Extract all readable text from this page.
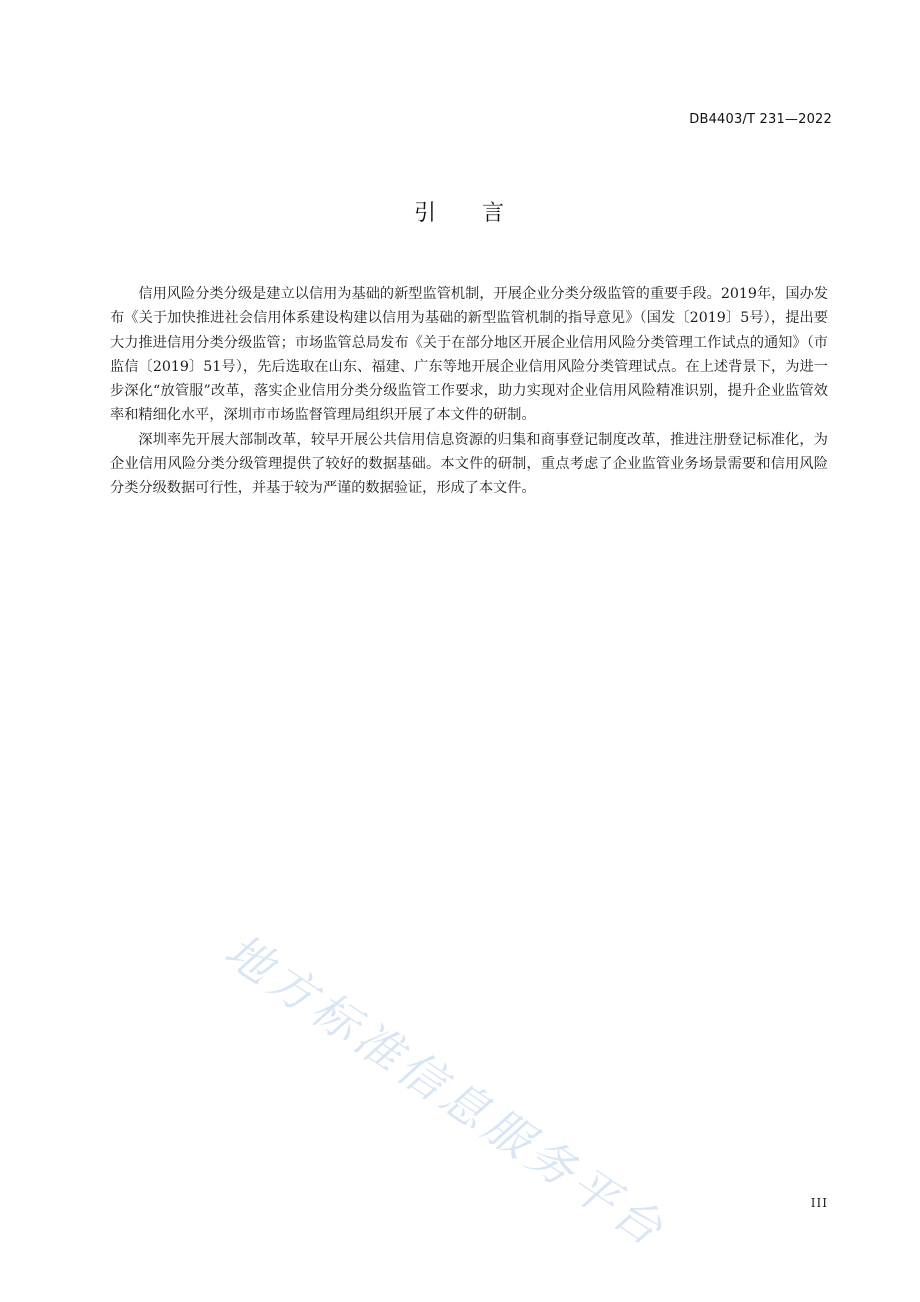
DB4403/T 231—2022
引 言

信用风险分类分级是建立以信用为基础的新型监管机制，开展企业分类分级监管的重要手段。2019年，国办发布《关于加快推进社会信用体系建设构建以信用为基础的新型监管机制的指导意见》（国发〔2019〕5号），提出要大力推进信用分类分级监管；市场监管总局发布《关于在部分地区开展企业信用风险分类管理工作试点的通知》（市监信〔2019〕51号），先后选取在山东、福建、广东等地开展企业信用风险分类管理试点。在上述背景下，为进一步深化“放管服”改革，落实企业信用分类分级监管工作要求，助力实现对企业信用风险精准识别，提升企业监管效率和精细化水平，深圳市市场监督管理局组织开展了本文件的研制。

深圳率先开展大部制改革，较早开展公共信用信息资源的归集和商事登记制度改革，推进注册登记标准化，为企业信用风险分类分级管理提供了较好的数据基础。本文件的研制，重点考虑了企业监管业务场景需要和信用风险分类分级数据可行性，并基于较为严谨的数据验证，形成了本文件。

地方标准信息服务平台	III
